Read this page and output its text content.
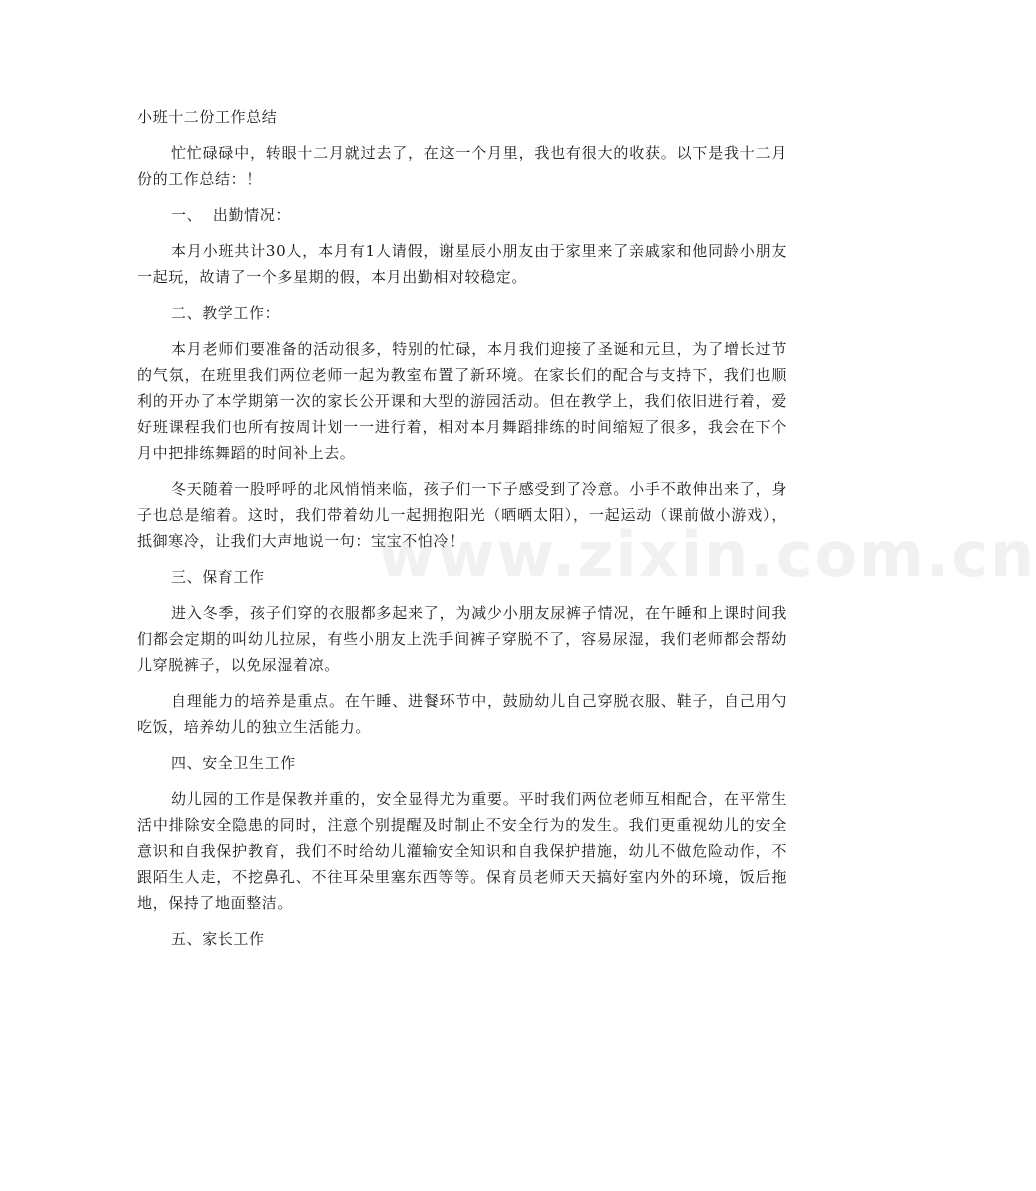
小班十二份工作总结

忙忙碌碌中，转眼十二月就过去了，在这一个月里，我也有很大的收获。以下是我十二月份的工作总结：！

一、  出勤情况：

本月小班共计30人，本月有1人请假，谢星辰小朋友由于家里来了亲戚家和他同龄小朋友一起玩，故请了一个多星期的假，本月出勤相对较稳定。

二、教学工作：

本月老师们要准备的活动很多，特别的忙碌，本月我们迎接了圣诞和元旦，为了增长过节的气氛，在班里我们两位老师一起为教室布置了新环境。在家长们的配合与支持下，我们也顺利的开办了本学期第一次的家长公开课和大型的游园活动。但在教学上，我们依旧进行着，爱好班课程我们也所有按周计划一一进行着，相对本月舞蹈排练的时间缩短了很多，我会在下个月中把排练舞蹈的时间补上去。

冬天随着一股呼呼的北风悄悄来临，孩子们一下子感受到了冷意。小手不敢伸出来了，身子也总是缩着。这时，我们带着幼儿一起拥抱阳光（晒晒太阳），一起运动（课前做小游戏），抵御寒冷，让我们大声地说一句：宝宝不怕冷！

三、保育工作

进入冬季，孩子们穿的衣服都多起来了，为减少小朋友尿裤子情况，在午睡和上课时间我们都会定期的叫幼儿拉尿，有些小朋友上洗手间裤子穿脱不了，容易尿湿，我们老师都会帮幼儿穿脱裤子，以免尿湿着凉。

自理能力的培养是重点。在午睡、进餐环节中，鼓励幼儿自己穿脱衣服、鞋子，自己用勺吃饭，培养幼儿的独立生活能力。

四、安全卫生工作

幼儿园的工作是保教并重的，安全显得尤为重要。平时我们两位老师互相配合，在平常生活中排除安全隐患的同时，注意个别提醒及时制止不安全行为的发生。我们更重视幼儿的安全意识和自我保护教育，我们不时给幼儿灌输安全知识和自我保护措施，幼儿不做危险动作，不跟陌生人走，不挖鼻孔、不往耳朵里塞东西等等。保育员老师天天搞好室内外的环境，饭后拖地，保持了地面整洁。

五、家长工作

www.zixin.com.cn
